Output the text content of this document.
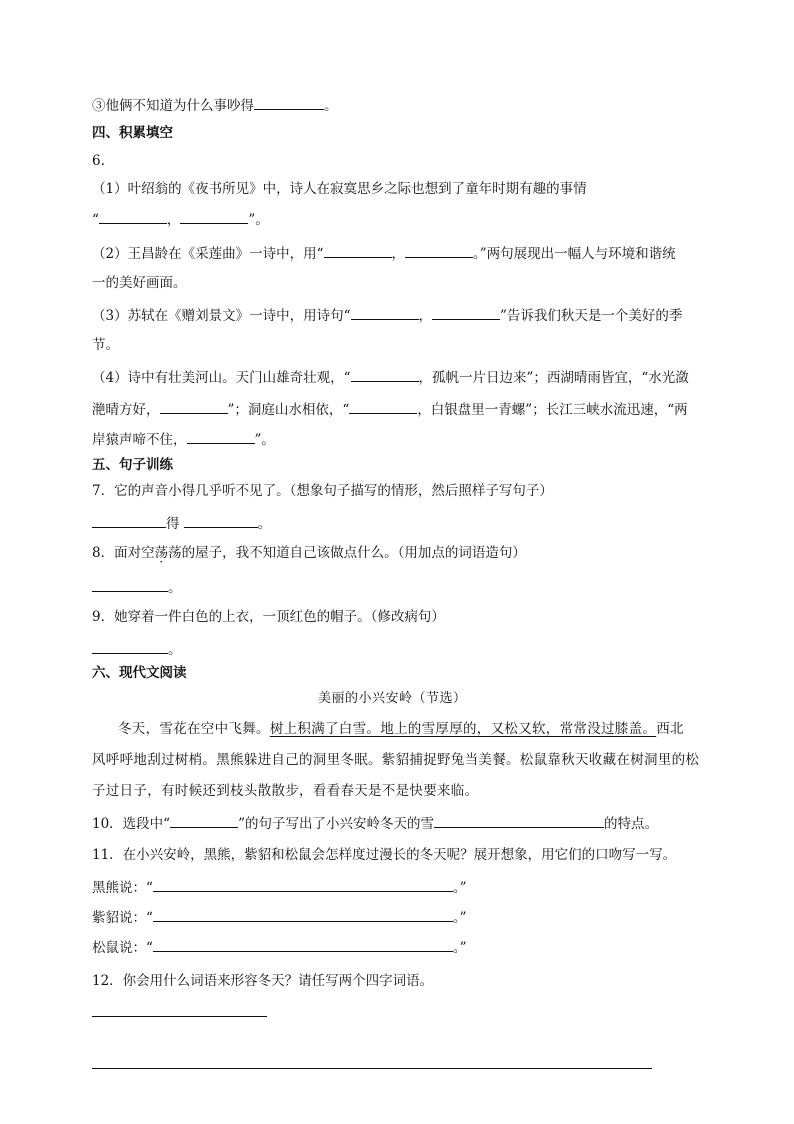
③他俩不知道为什么事吵得	。
四、积累填空
6.
（1）叶绍翁的《夜书所见》中，诗人在寂寞思乡之际也想到了童年时期有趣的事情
“	，	”。
（2）王昌龄在《采莲曲》一诗中，用“	，	。”两句展现出一幅人与环境和谐统
一的美好画面。
（3）苏轼在《赠刘景文》一诗中，用诗句“	，	”告诉我们秋天是一个美好的季
节。
（4）诗中有壮美河山。天门山雄奇壮观，“	，孤帆一片日边来”；西湖晴雨皆宜，“水光潋
滟晴方好，	”；洞庭山水相依，“	，白银盘里一青螺”；长江三峡水流迅速，“两
岸猿声啼不住，	”。
五、句子训练
7．它的声音小得几乎听不见了。（想象句子描写的情形，然后照样子写句子）
得	。
8．面对空荡荡的屋子，我不知道自己该做点什么。（用加点的词语造句）
。
9．她穿着一件白色的上衣，一顶红色的帽子。（修改病句）
。
六、现代文阅读
美丽的小兴安岭（节选）
冬天，雪花在空中飞舞。树上积满了白雪。地上的雪厚厚的，又松又软，常常没过膝盖。西北
风呼呼地刮过树梢。黑熊躲进自己的洞里冬眠。紫貂捕捉野兔当美餐。松鼠靠秋天收藏在树洞里的松
子过日子，有时候还到枝头散散步，看看春天是不是快要来临。
10．选段中“	”的句子写出了小兴安岭冬天的雪	的特点。
11．在小兴安岭，黑熊，紫貂和松鼠会怎样度过漫长的冬天呢？展开想象，用它们的口吻写一写。
黑熊说：“	。”
紫貂说：“	。”
松鼠说：“	。”
12．你会用什么词语来形容冬天？请任写两个四字词语。
